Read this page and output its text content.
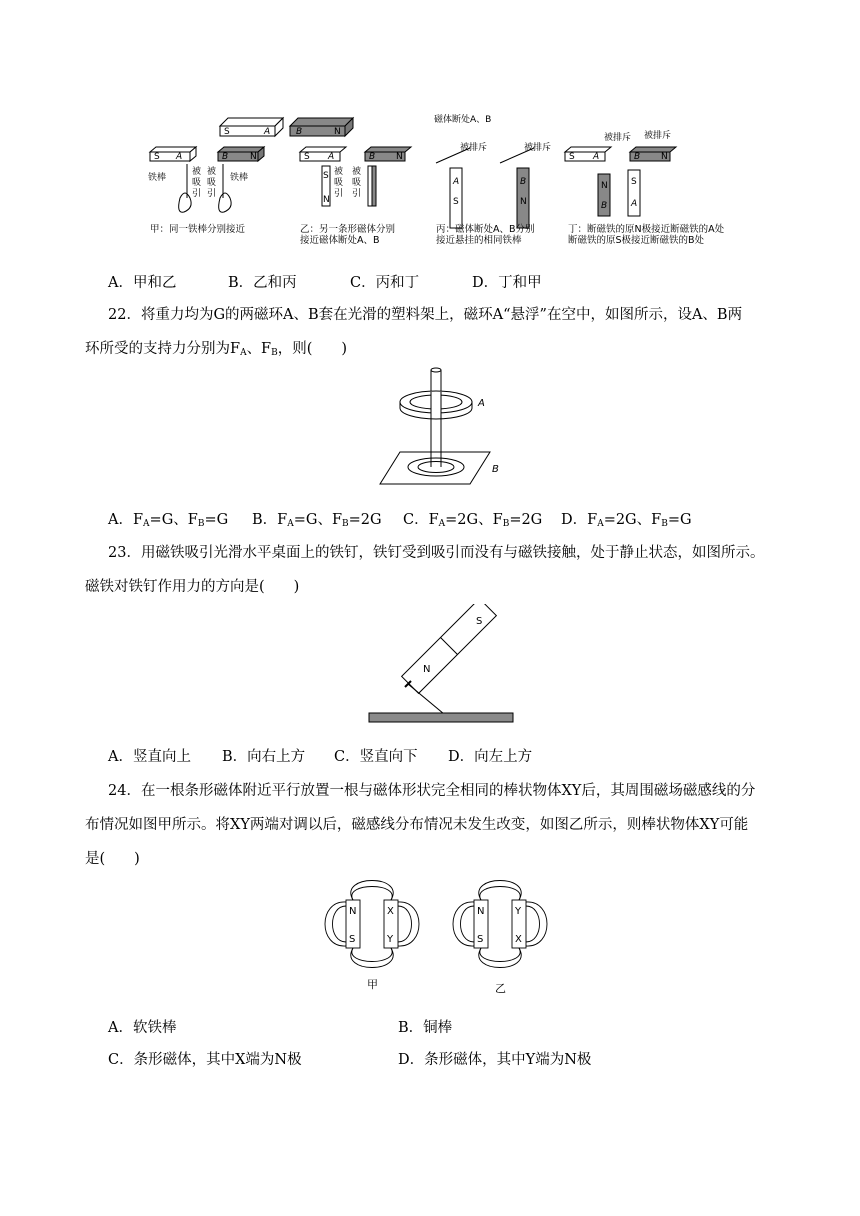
S A	B N
铁棒	铁棒
被
吸
引
被
吸
引
S	A	B	N
S A	B N
S
N
被
吸
引
被
吸
引
磁体断处A、B
被排斥	被排斥
A
S
B
N
被排斥 被排斥
S A	B N
N
B
S
A
甲：同一铁棒分别接近	乙：另一条形磁体分别
接近磁体断处A、B
丙：磁体断处A、B分别
接近悬挂的相同铁棒
丁：断磁铁的原N极接近断磁铁的A处
断磁铁的原S极接近断磁铁的B处
A．甲和乙	B．乙和丙	C．丙和丁	D．丁和甲
22．将重力均为G的两磁环A、B套在光滑的塑料架上，磁环A“悬浮”在空中，如图所示，设A、B两
环所受的支持力分别为$F_A$、$F_B$，则(　　)
A
B
A．$F_A=G$、$F_B=G$ B．$F_A=G$、$F_B=2G$ C．$F_A=2G$、$F_B=2G$ D．$F_A=2G$、$F_B=G$
23．用磁铁吸引光滑水平桌面上的铁钉，铁钉受到吸引而没有与磁铁接触，处于静止状态，如图所示。
磁铁对铁钉作用力的方向是(　　)
S
N
A．竖直向上 B．向右上方 C．竖直向下 D．向左上方
24．在一根条形磁体附近平行放置一根与磁体形状完全相同的棒状物体XY后，其周围磁场磁感线的分
布情况如图甲所示。将XY两端对调以后，磁感线分布情况未发生改变，如图乙所示，则棒状物体XY可能
是(　　)
N
S
X
Y
N
S
Y
X
甲	乙
A．软铁棒	B．铜棒
C．条形磁体，其中X端为N极	D．条形磁体，其中Y端为N极
